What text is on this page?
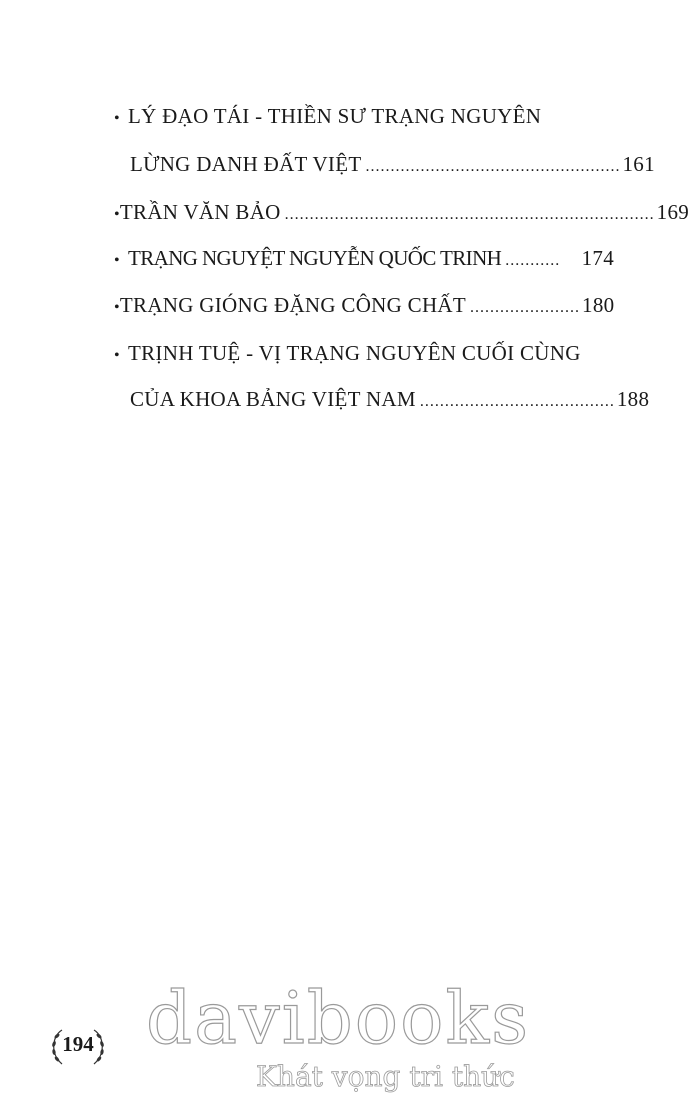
• LÝ ĐẠO TÁI - THIỀN SƯ TRẠNG NGUYÊN
LỪNG DANH ĐẤT VIỆT ................................................... 161
• TRẦN VĂN BẢO .......................................................................... 169
• TRẠNG NGUYỆT NGUYỄN QUỐC TRINH ...........	174
• TRẠNG GIÓNG ĐẶNG CÔNG CHẤT ...................... 180
• TRỊNH TUỆ - VỊ TRẠNG NGUYÊN CUỐI CÙNG
CỦA KHOA BẢNG VIỆT NAM ....................................... 188
194 davibooks
Khát vọng tri thức
